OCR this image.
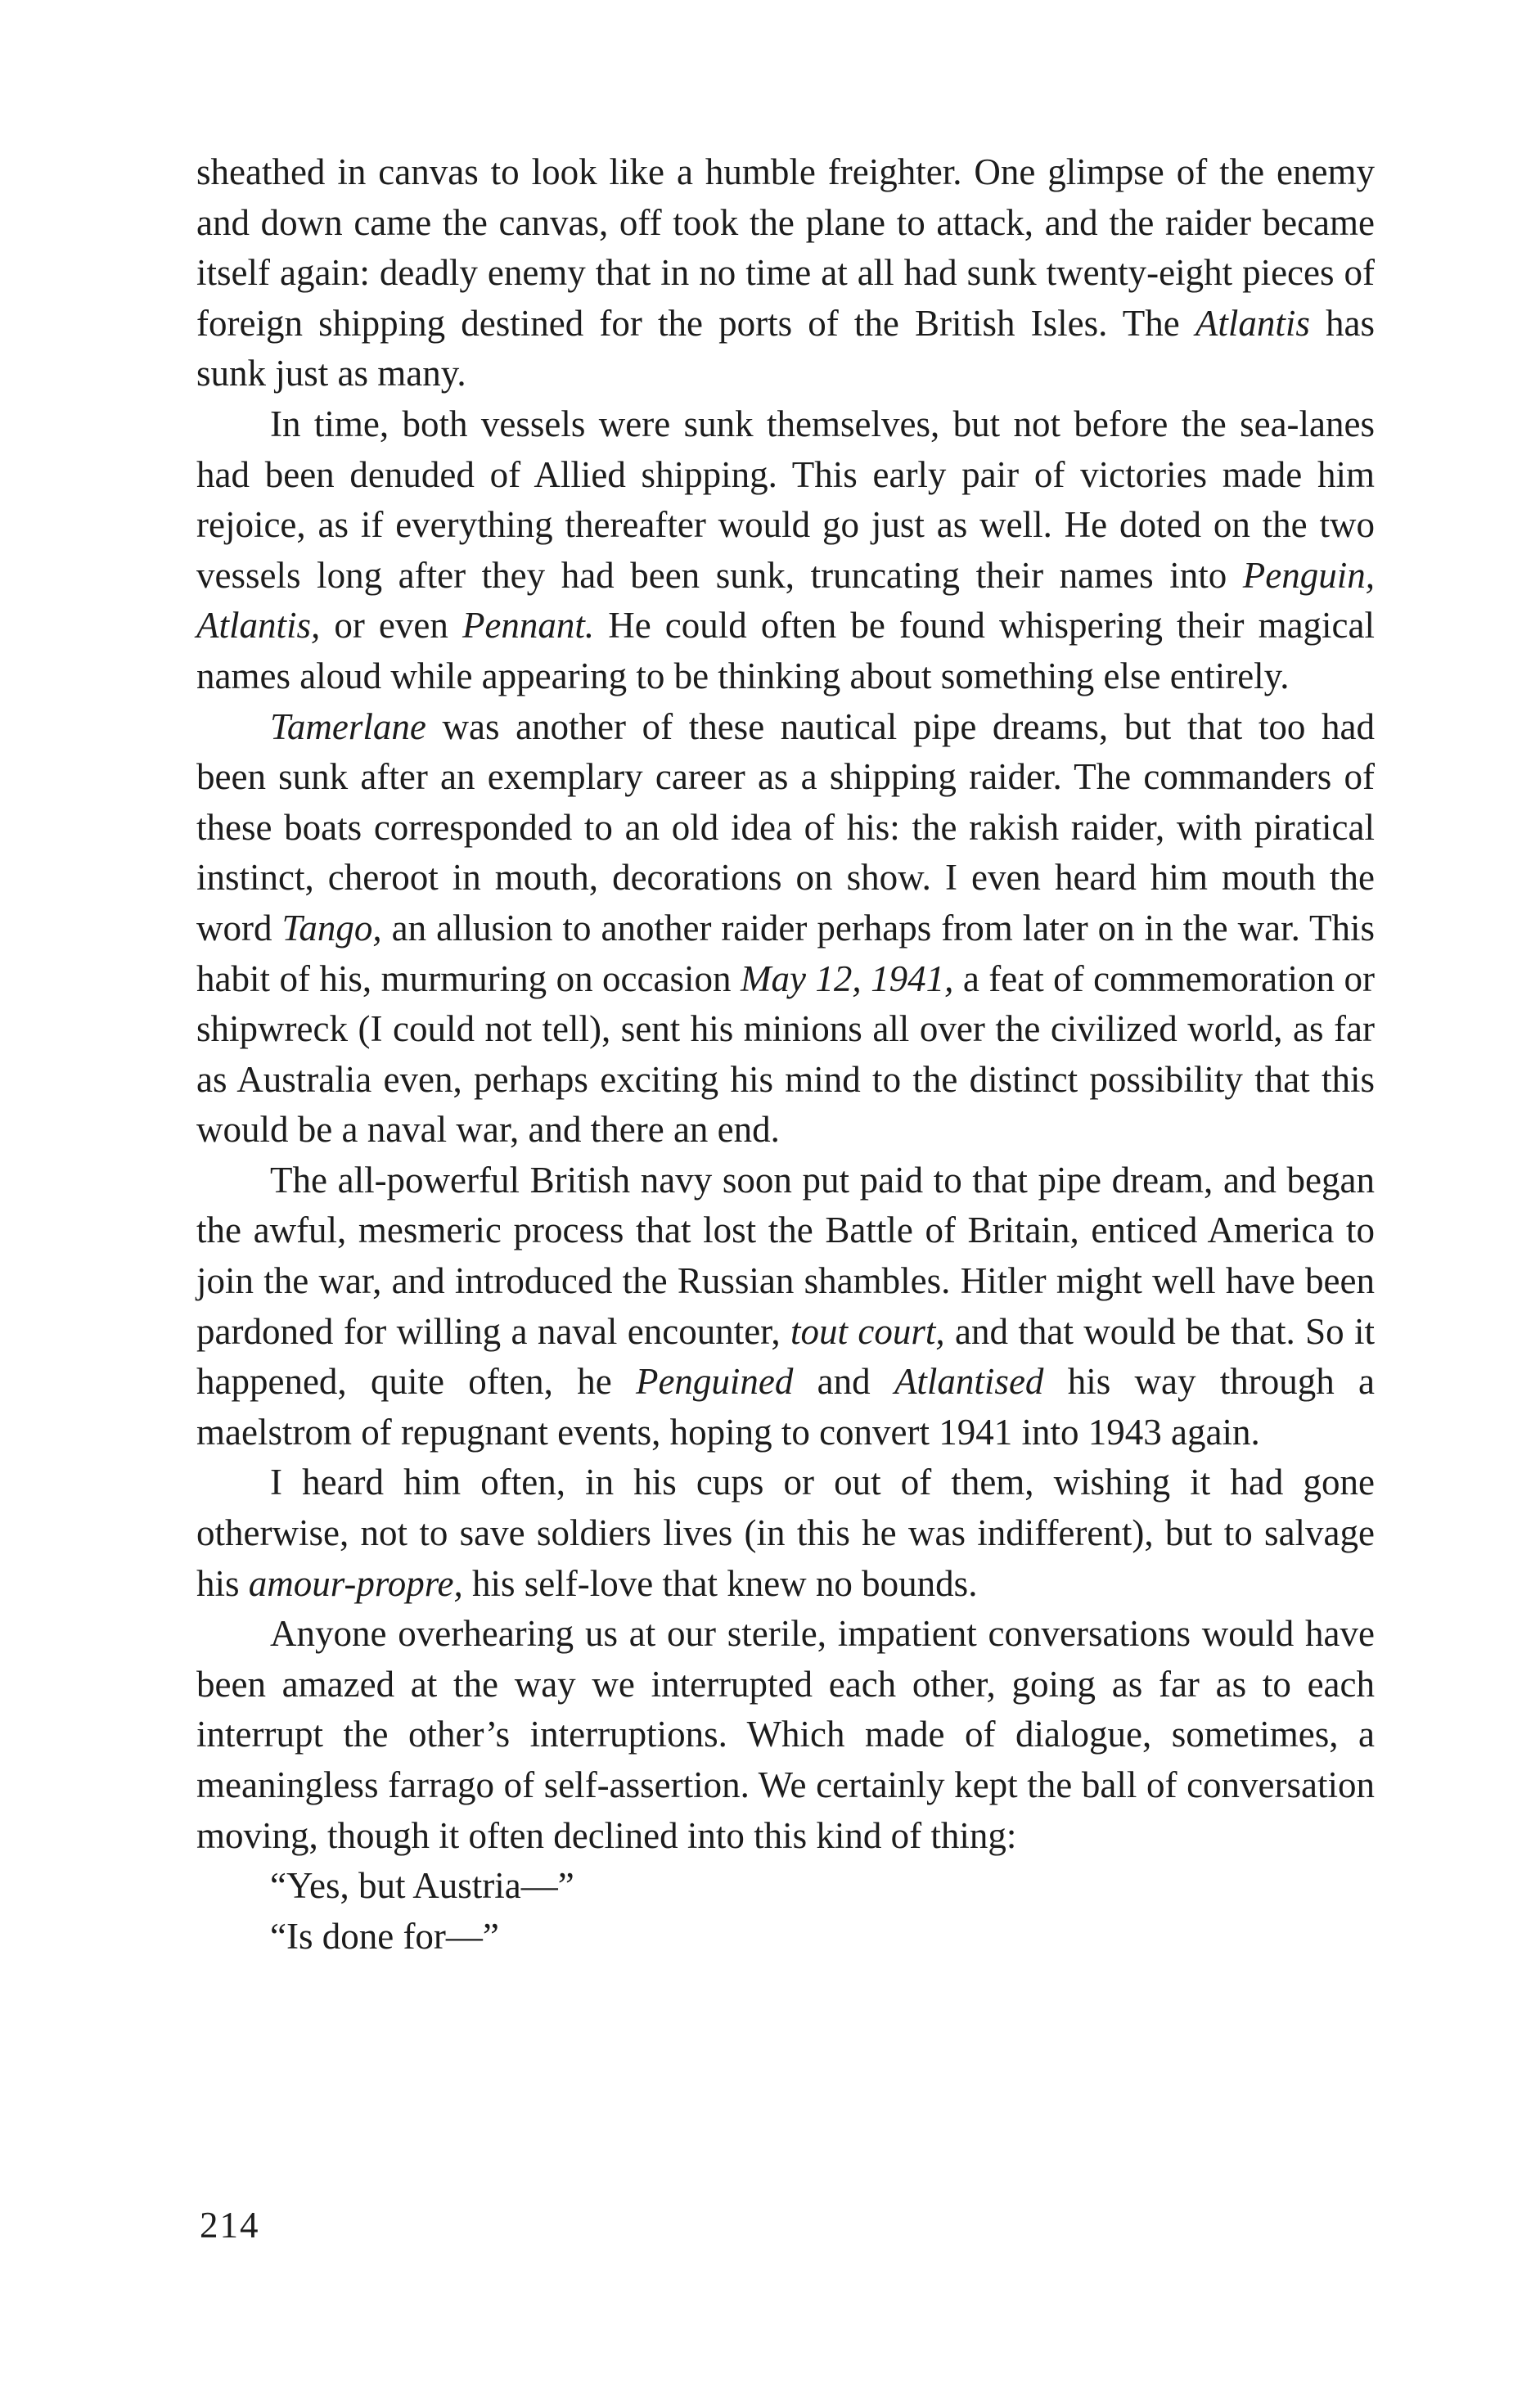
sheathed in canvas to look like a humble freighter. One glimpse of the enemy and down came the canvas, off took the plane to attack, and the raider became itself again: deadly enemy that in no time at all had sunk twenty-eight pieces of foreign shipping destined for the ports of the British Isles. The Atlantis has sunk just as many.

In time, both vessels were sunk themselves, but not before the sea-lanes had been denuded of Allied shipping. This early pair of victories made him rejoice, as if everything thereafter would go just as well. He doted on the two vessels long after they had been sunk, truncating their names into Penguin, Atlantis, or even Pennant. He could often be found whispering their magical names aloud while appearing to be thinking about something else entirely.

Tamerlane was another of these nautical pipe dreams, but that too had been sunk after an exemplary career as a shipping raider. The commanders of these boats corresponded to an old idea of his: the rakish raider, with piratical instinct, cheroot in mouth, decorations on show. I even heard him mouth the word Tango, an allusion to another raider perhaps from later on in the war. This habit of his, murmuring on occasion May 12, 1941, a feat of commemoration or shipwreck (I could not tell), sent his minions all over the civilized world, as far as Australia even, perhaps exciting his mind to the distinct possibility that this would be a naval war, and there an end.

The all-powerful British navy soon put paid to that pipe dream, and began the awful, mesmeric process that lost the Battle of Britain, enticed America to join the war, and introduced the Russian shambles. Hitler might well have been pardoned for willing a naval encounter, tout court, and that would be that. So it happened, quite often, he Penguined and Atlantised his way through a maelstrom of repugnant events, hoping to convert 1941 into 1943 again.

I heard him often, in his cups or out of them, wishing it had gone otherwise, not to save soldiers lives (in this he was indifferent), but to salvage his amour-propre, his self-love that knew no bounds.

Anyone overhearing us at our sterile, impatient conversations would have been amazed at the way we interrupted each other, going as far as to each interrupt the other’s interruptions. Which made of dialogue, sometimes, a meaningless farrago of self-assertion. We certainly kept the ball of conversation moving, though it often declined into this kind of thing:

“Yes, but Austria—”

“Is done for—”

214
